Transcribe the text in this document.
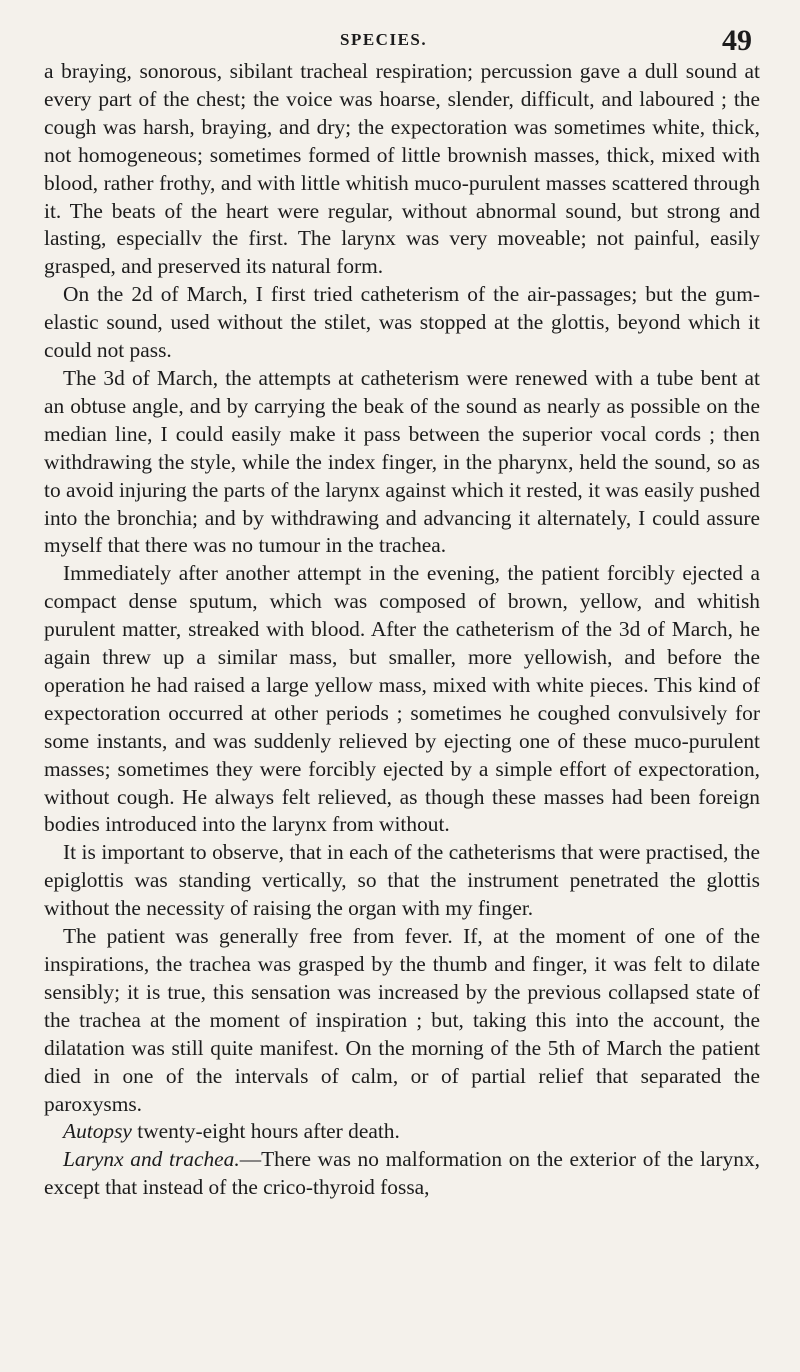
SPECIES.	49

a braying, sonorous, sibilant tracheal respiration; percussion gave a dull sound at every part of the chest; the voice was hoarse, slender, difficult, and laboured ; the cough was harsh, braying, and dry; the expectoration was sometimes white, thick, not homogeneous; sometimes formed of little brownish masses, thick, mixed with blood, rather frothy, and with little whitish muco-purulent masses scattered through it. The beats of the heart were regular, without abnormal sound, but strong and lasting, especiallv the first. The larynx was very moveable; not painful, easily grasped, and preserved its natural form.

On the 2d of March, I first tried catheterism of the air-passages; but the gum-elastic sound, used without the stilet, was stopped at the glottis, beyond which it could not pass.

The 3d of March, the attempts at catheterism were renewed with a tube bent at an obtuse angle, and by carrying the beak of the sound as nearly as possible on the median line, I could easily make it pass between the superior vocal cords ; then withdrawing the style, while the index finger, in the pharynx, held the sound, so as to avoid injuring the parts of the larynx against which it rested, it was easily pushed into the bronchia; and by withdrawing and advancing it alternately, I could assure myself that there was no tumour in the trachea.

Immediately after another attempt in the evening, the patient forcibly ejected a compact dense sputum, which was composed of brown, yellow, and whitish purulent matter, streaked with blood. After the catheterism of the 3d of March, he again threw up a similar mass, but smaller, more yellowish, and before the operation he had raised a large yellow mass, mixed with white pieces. This kind of expectoration occurred at other periods ; sometimes he coughed convulsively for some instants, and was suddenly relieved by ejecting one of these muco-purulent masses; sometimes they were forcibly ejected by a simple effort of expectoration, without cough. He always felt relieved, as though these masses had been foreign bodies introduced into the larynx from without.

It is important to observe, that in each of the catheterisms that were practised, the epiglottis was standing vertically, so that the instrument penetrated the glottis without the necessity of raising the organ with my finger.

The patient was generally free from fever. If, at the moment of one of the inspirations, the trachea was grasped by the thumb and finger, it was felt to dilate sensibly; it is true, this sensation was increased by the previous collapsed state of the trachea at the moment of inspiration ; but, taking this into the account, the dilatation was still quite manifest. On the morning of the 5th of March the patient died in one of the intervals of calm, or of partial relief that separated the paroxysms.

Autopsy twenty-eight hours after death.

Larynx and trachea.—There was no malformation on the exterior of the larynx, except that instead of the crico-thyroid fossa,
